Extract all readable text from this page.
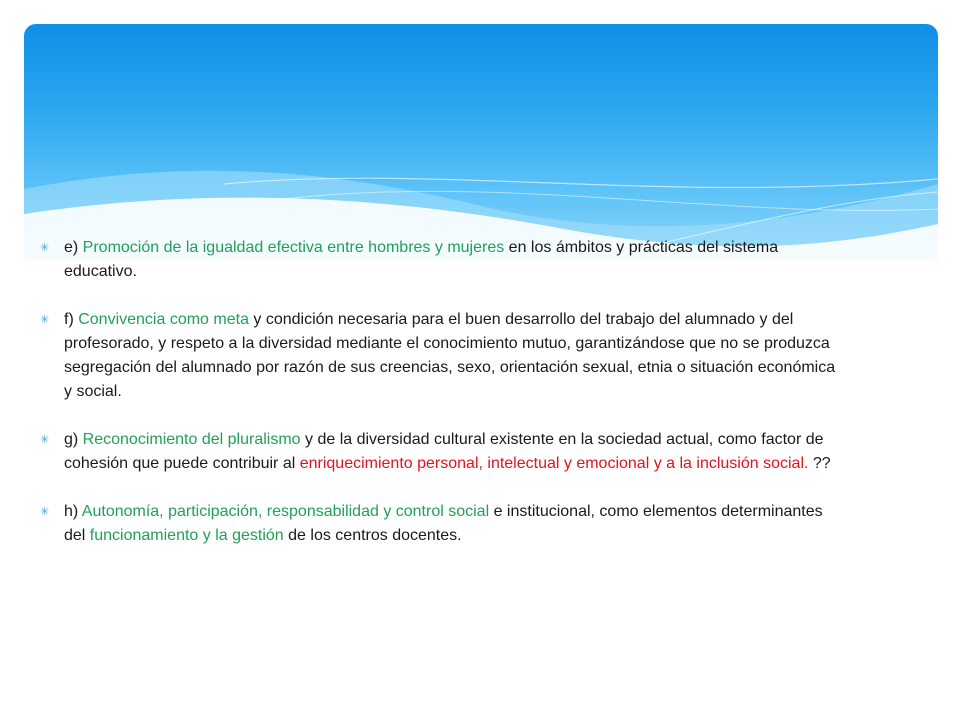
✳ e) Promoción de la igualdad efectiva entre hombres y mujeres en los ámbitos y prácticas del sistema educativo.
✳ f) Convivencia como meta y condición necesaria para el buen desarrollo del trabajo del alumnado y del profesorado, y respeto a la diversidad mediante el conocimiento mutuo, garantizándose que no se produzca segregación del alumnado por razón de sus creencias, sexo, orientación sexual, etnia o situación económica y social.
✳ g) Reconocimiento del pluralismo y de la diversidad cultural existente en la sociedad actual, como factor de cohesión que puede contribuir al enriquecimiento personal, intelectual y emocional y a la inclusión social. ??
✳ h) Autonomía, participación, responsabilidad y control social e institucional, como elementos determinantes del funcionamiento y la gestión de los centros docentes.
